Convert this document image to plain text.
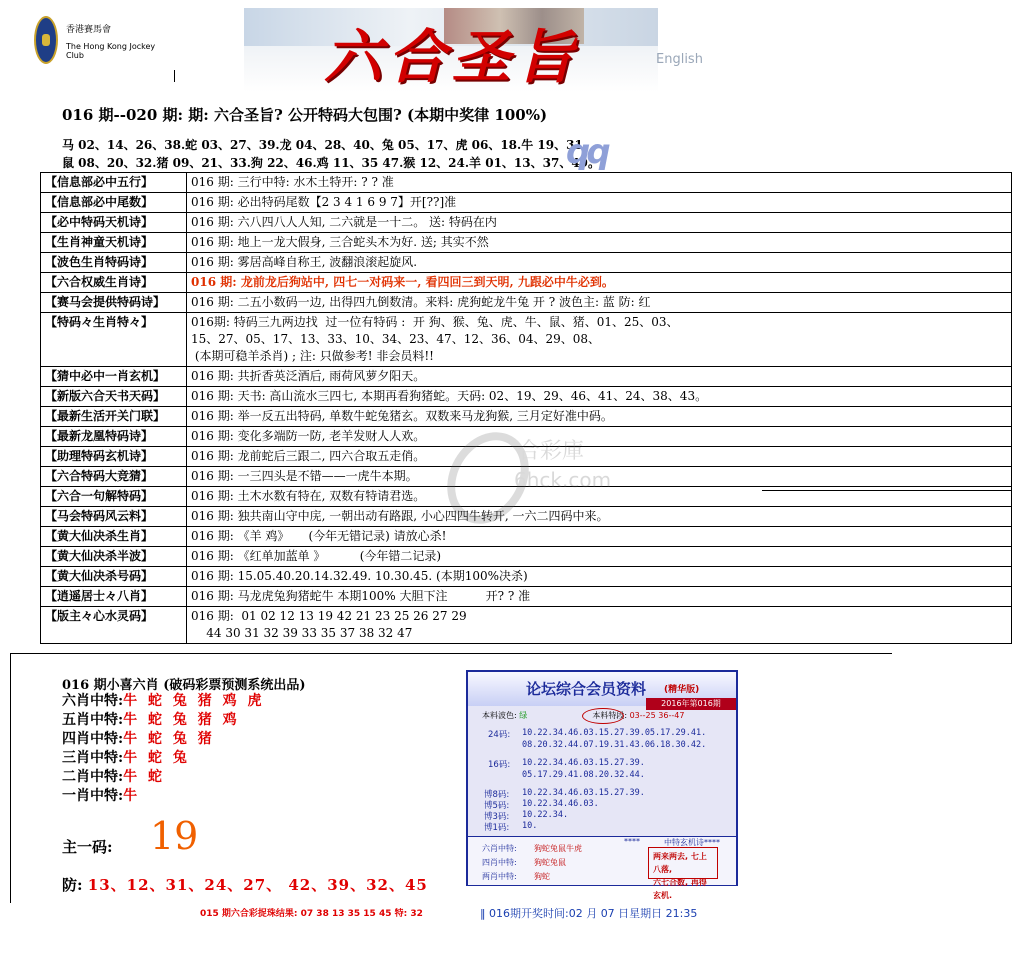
香港賽馬會
The Hong Kong Jockey Club	六合圣旨	English
016 期--020 期: 期: 六合圣旨? 公开特码大包围? (本期中奖律 100%)
马 02、14、26、38.蛇 03、27、39.龙 04、28、40、兔 05、17、虎 06、18.牛 19、31、
鼠 08、20、32.猪 09、21、33.狗 22、46.鸡 11、35 47.猴 12、24.羊 01、13、37、49。
qq
【信息部必中五行】	016 期: 三行中特: 水木土特开: ? ? 准
【信息部必中尾数】	016 期: 必出特码尾数【2 3 4 1 6 9 7】开[??]准
【必中特码天机诗】	016 期: 六八四八人人知, 二六就是一十二。 送: 特码在内
【生肖神童天机诗】	016 期: 地上一龙大假身, 三合蛇头木为好. 送; 其实不然
【波色生肖特码诗】	016 期: 雾居高峰自称王, 波翻浪滚起旋风.
【六合权威生肖诗】	016 期: 龙前龙后狗站中, 四七一对码来一, 看四回三到天明, 九跟必中牛必到。
【赛马会提供特码诗】	016 期: 二五小数码一边, 出得四九倒数清。来料: 虎狗蛇龙牛兔 开 ? 波色主: 蓝 防: 红
【特码々生肖特々】	016期: 特码三九两边找  过一位有特码 :  开 狗、猴、兔、虎、牛、鼠、猪、01、25、03、
15、27、05、17、13、33、10、34、23、47、12、36、04、29、08、
(本期可稳羊杀肖) ; 注: 只做参考! 非会员料!!
【猜中必中一肖玄机】	016 期: 共折香英泛酒后, 雨荷风萝夕阳天。
【新版六合天书天码】	016 期: 天书: 高山流水三四七, 本期再看狗猪蛇。天码: 02、19、29、46、41、24、38、43。
【最新生活开关门联】	016 期: 举一反五出特码, 单数牛蛇兔猪玄。双数来马龙狗猴, 三月定好准中码。
【最新龙凰特码诗】	016 期: 变化多端防一防, 老羊发财人人欢。
【助理特码玄机诗】	016 期: 龙前蛇后三跟二, 四六合取五走俏。
【六合特码大竞猜】	016 期: 一三四头是不错——一虎牛本期。
【六合一句解特码】	016 期: 土木水数有特在, 双数有特请君选。
【马会特码风云料】	016 期: 独共南山守中庑, 一朝出动有路跟, 小心四四牛转开, 一六二四码中来。
【黄大仙决杀生肖】	016 期: 《羊 鸡》     (今年无错记录) 请放心杀!
【黄大仙决杀半波】	016 期: 《红单加蓝单 》         (今年错二记录)
【黄大仙决杀号码】	016 期: 15.05.40.20.14.32.49. 10.30.45. (本期100%决杀)
【逍遥居士々八肖】	016 期: 马龙虎兔狗猪蛇牛 本期100% 大胆下注          开? ? 准
【版主々心水灵码】	016 期:  01 02 12 13 19 42 21 23 25 26 27 29
44 30 31 32 39 33 35 37 38 32 47
016 期小喜六肖 (破码彩票预测系统出品)
六肖中特:牛 蛇 兔 猪 鸡 虎
五肖中特:牛 蛇 兔 猪 鸡
四肖中特:牛 蛇 兔 猪
三肖中特:牛 蛇 兔
二肖中特:牛 蛇
一肖中特:牛
主一码: 19
防: 13、12、31、24、27、 42、39、32、45
论坛综合会员资料 (精华版)
2016年第016期
本料波色: 绿	本料特段: 03--25 36--47
24码: 10.22.34.46.03.15.27.39.05.17.29.41.
08.20.32.44.07.19.31.43.06.18.30.42.
16码: 10.22.34.46.03.15.27.39.
05.17.29.41.08.20.32.44.
博8码: 10.22.34.46.03.15.27.39.
博5码: 10.22.34.46.03.
博3码: 10.22.34.
博1码: 10.
六肖中特: 狗蛇兔鼠牛虎
四肖中特: 狗蛇兔鼠
两肖中特: 狗蛇
****	中特玄机诗****
两来两去, 七上八落,
六七合数, 再得玄机.
015 期六合彩捉珠结果: 07 38 13 35 15 45 特: 32	‖ 016期开奖时间:02 月 07 日星期日 21:35
合彩庫
6hck.com
